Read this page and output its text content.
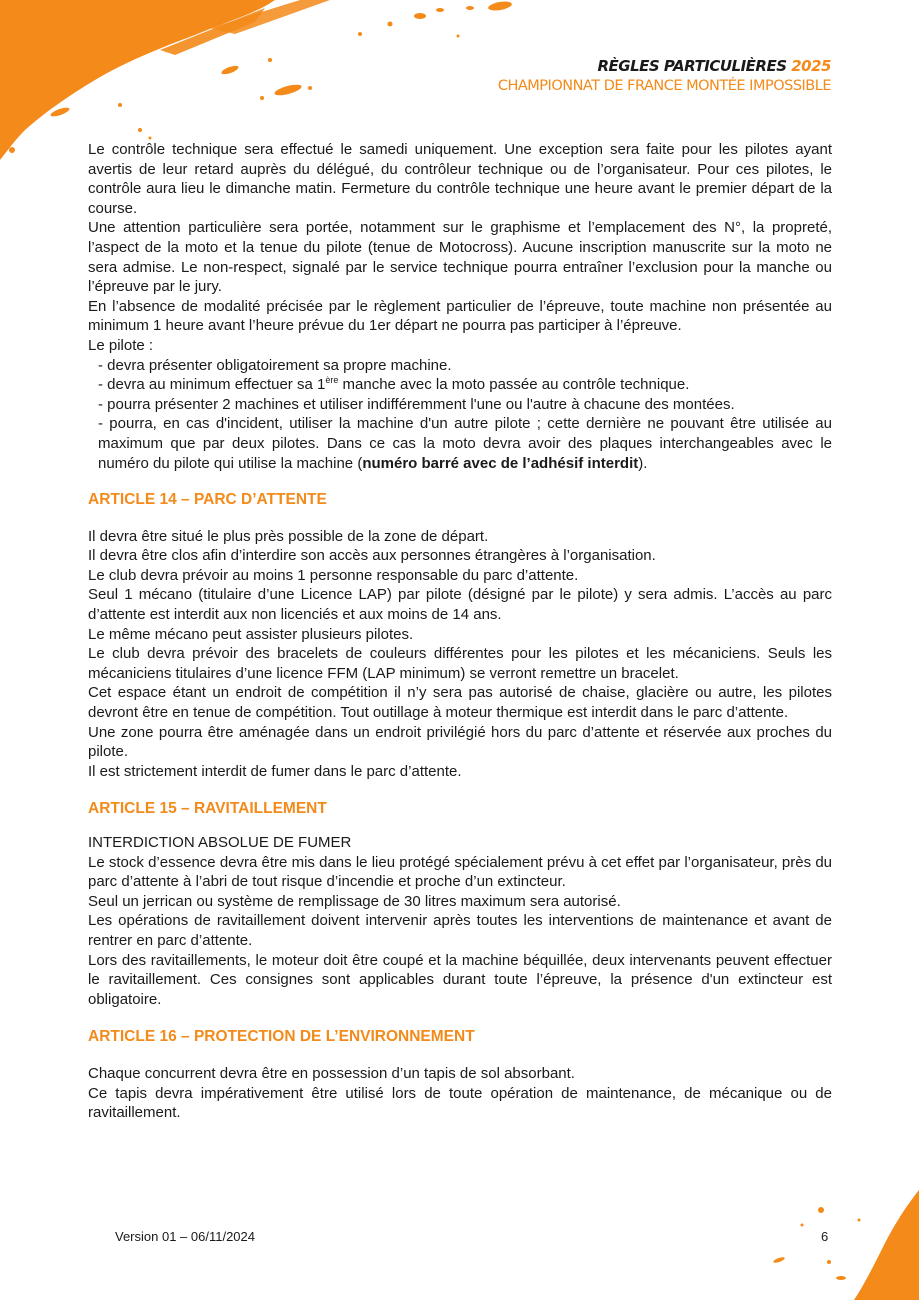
RÈGLES PARTICULIÈRES 2025
CHAMPIONNAT DE FRANCE MONTÉE IMPOSSIBLE

Le contrôle technique sera effectué le samedi uniquement. Une exception sera faite pour les pilotes ayant avertis de leur retard auprès du délégué, du contrôleur technique ou de l’organisateur. Pour ces pilotes, le contrôle aura lieu le dimanche matin. Fermeture du contrôle technique une heure avant le premier départ de la course.

Une attention particulière sera portée, notamment sur le graphisme et l’emplacement des N°, la propreté, l’aspect de la moto et la tenue du pilote (tenue de Motocross). Aucune inscription manuscrite sur la moto ne sera admise. Le non-respect, signalé par le service technique pourra entraîner l’exclusion pour la manche ou l’épreuve par le jury.

En l’absence de modalité précisée par le règlement particulier de l’épreuve, toute machine non présentée au minimum 1 heure avant l’heure prévue du 1er départ ne pourra pas participer à l’épreuve.

Le pilote :

- devra présenter obligatoirement sa propre machine.

- devra au minimum effectuer sa 1ère manche avec la moto passée au contrôle technique.

- pourra présenter 2 machines et utiliser indifféremment l'une ou l'autre à chacune des montées.

- pourra, en cas d'incident, utiliser la machine d'un autre pilote ; cette dernière ne pouvant être utilisée au maximum que par deux pilotes. Dans ce cas la moto devra avoir des plaques interchangeables avec le numéro du pilote qui utilise la machine (numéro barré avec de l’adhésif interdit).

ARTICLE 14 – PARC D’ATTENTE

Il devra être situé le plus près possible de la zone de départ.

Il devra être clos afin d’interdire son accès aux personnes étrangères à l’organisation.

Le club devra prévoir au moins 1 personne responsable du parc d’attente.

Seul 1 mécano (titulaire d’une Licence LAP) par pilote (désigné par le pilote) y sera admis. L’accès au parc d’attente est interdit aux non licenciés et aux moins de 14 ans.

Le même mécano peut assister plusieurs pilotes.

Le club devra prévoir des bracelets de couleurs différentes pour les pilotes et les mécaniciens. Seuls les mécaniciens titulaires d’une licence FFM (LAP minimum) se verront remettre un bracelet.

Cet espace étant un endroit de compétition il n’y sera pas autorisé de chaise, glacière ou autre, les pilotes devront être en tenue de compétition. Tout outillage à moteur thermique est interdit dans le parc d’attente.

Une zone pourra être aménagée dans un endroit privilégié hors du parc d’attente et réservée aux proches du pilote.

Il est strictement interdit de fumer dans le parc d’attente.

ARTICLE 15 – RAVITAILLEMENT

INTERDICTION ABSOLUE DE FUMER

Le stock d’essence devra être mis dans le lieu protégé spécialement prévu à cet effet par l’organisateur, près du parc d’attente à l’abri de tout risque d’incendie et proche d’un extincteur.

Seul un jerrican ou système de remplissage de 30 litres maximum sera autorisé.

Les opérations de ravitaillement doivent intervenir après toutes les interventions de maintenance et avant de rentrer en parc d’attente.

Lors des ravitaillements, le moteur doit être coupé et la machine béquillée, deux intervenants peuvent effectuer le ravitaillement. Ces consignes sont applicables durant toute l’épreuve, la présence d'un extincteur est obligatoire.

ARTICLE 16 – PROTECTION DE L’ENVIRONNEMENT

Chaque concurrent devra être en possession d’un tapis de sol absorbant.

Ce tapis devra impérativement être utilisé lors de toute opération de maintenance, de mécanique ou de ravitaillement.

Version 01 – 06/11/2024	6
